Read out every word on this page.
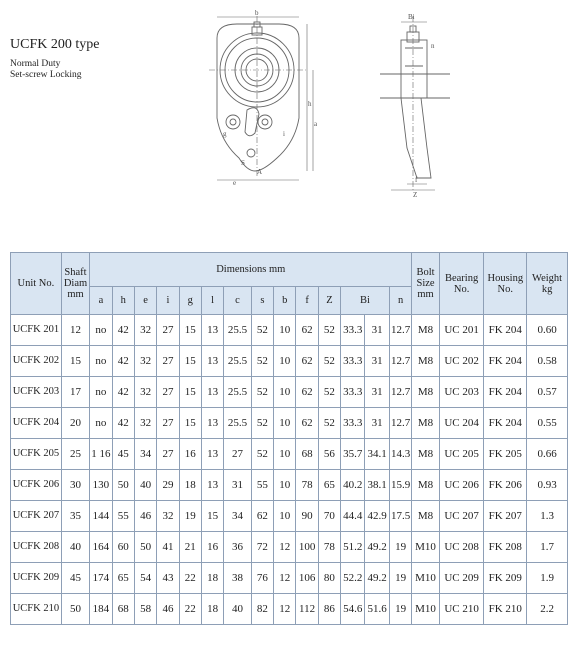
UCFK 200 type
Normal Duty
Set-screw Locking
b
h
a
e
g	i
S
A
Bi
n
f
Z
Unit No.	Shaft Diam mm	Dimensions mm														Bolt Size mm	Bearing No.	Housing No.	Weight kg
		a	h	e	i	g	l	c	s	b	f	Z	Bi		n				
UCFK 201	12	no	42	32	27	15	13	25.5	52	10	62	52	33.3	31	12.7	M8	UC 201	FK 204	0.60
UCFK 202	15	no	42	32	27	15	13	25.5	52	10	62	52	33.3	31	12.7	M8	UC 202	FK 204	0.58
UCFK 203	17	no	42	32	27	15	13	25.5	52	10	62	52	33.3	31	12.7	M8	UC 203	FK 204	0.57
UCFK 204	20	no	42	32	27	15	13	25.5	52	10	62	52	33.3	31	12.7	M8	UC 204	FK 204	0.55
UCFK 205	25	1 16	45	34	27	16	13	27	52	10	68	56	35.7	34.1	14.3	M8	UC 205	FK 205	0.66
UCFK 206	30	130	50	40	29	18	13	31	55	10	78	65	40.2	38.1	15.9	M8	UC 206	FK 206	0.93
UCFK 207	35	144	55	46	32	19	15	34	62	10	90	70	44.4	42.9	17.5	M8	UC 207	FK 207	1.3
UCFK 208	40	164	60	50	41	21	16	36	72	12	100	78	51.2	49.2	19	M10	UC 208	FK 208	1.7
UCFK 209	45	174	65	54	43	22	18	38	76	12	106	80	52.2	49.2	19	M10	UC 209	FK 209	1.9
UCFK 210	50	184	68	58	46	22	18	40	82	12	112	86	54.6	51.6	19	M10	UC 210	FK 210	2.2
